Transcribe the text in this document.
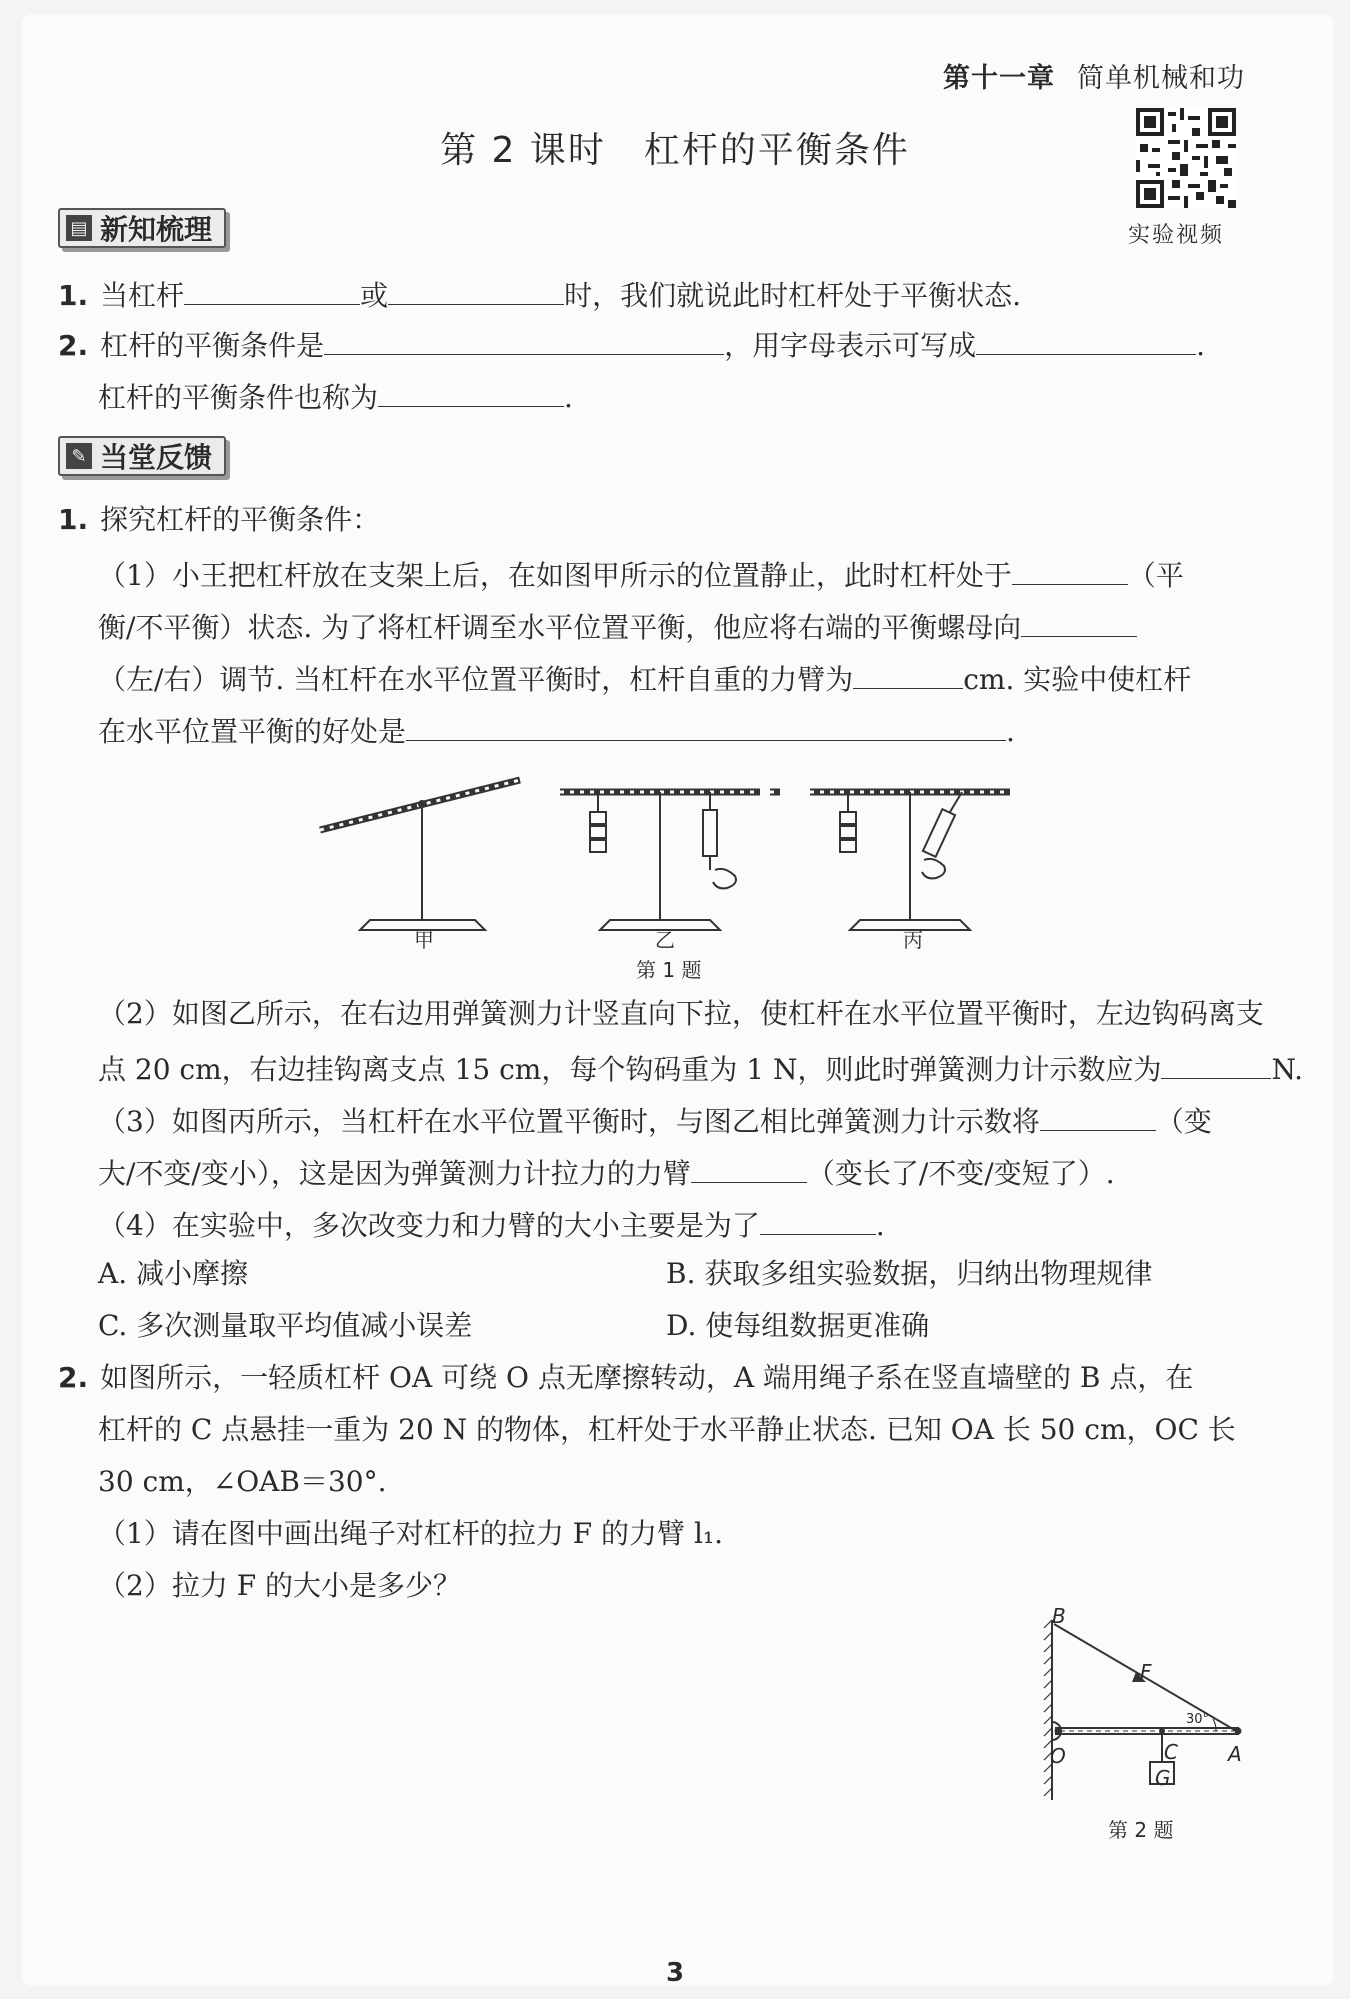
第十一章 简单机械和功
第 2 课时　杠杆的平衡条件
实验视频
▤ 新知梳理
1. 当杠杆	或	时，我们就说此时杠杆处于平衡状态.
2. 杠杆的平衡条件是	，用字母表示可写成	.
杠杆的平衡条件也称为	.
✎ 当堂反馈
1. 探究杠杆的平衡条件：
（1）小王把杠杆放在支架上后，在如图甲所示的位置静止，此时杠杆处于	（平
衡/不平衡）状态. 为了将杠杆调至水平位置平衡，他应将右端的平衡螺母向
（左/右）调节. 当杠杆在水平位置平衡时，杠杆自重的力臂为	cm. 实验中使杠杆
在水平位置平衡的好处是	.
甲	乙	丙
第 1 题
（2）如图乙所示，在右边用弹簧测力计竖直向下拉，使杠杆在水平位置平衡时，左边钩码离支
点 20 cm，右边挂钩离支点 15 cm，每个钩码重为 1 N，则此时弹簧测力计示数应为	N.
（3）如图丙所示，当杠杆在水平位置平衡时，与图乙相比弹簧测力计示数将	（变
大/不变/变小），这是因为弹簧测力计拉力的力臂	（变长了/不变/变短了）.
（4）在实验中，多次改变力和力臂的大小主要是为了	.
A. 减小摩擦	B. 获取多组实验数据，归纳出物理规律
C. 多次测量取平均值减小误差	D. 使每组数据更准确
2. 如图所示，一轻质杠杆 OA 可绕 O 点无摩擦转动，A 端用绳子系在竖直墙壁的 B 点，在
杠杆的 C 点悬挂一重为 20 N 的物体，杠杆处于水平静止状态. 已知 OA 长 50 cm，OC 长
30 cm，∠OAB＝30°.
（1）请在图中画出绳子对杠杆的拉力 F 的力臂 l₁.
（2）拉力 F 的大小是多少？
B
F
30°
O	C	A
G
第 2 题
3
